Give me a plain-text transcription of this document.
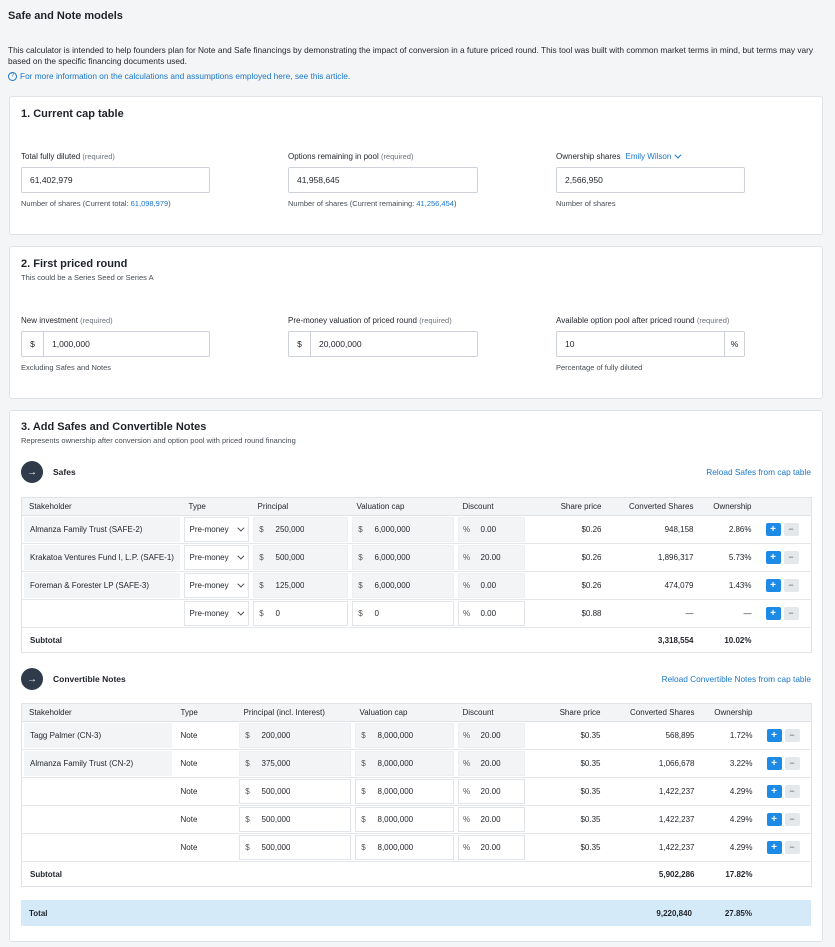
Safe and Note models
This calculator is intended to help founders plan for Note and Safe financings by demonstrating the impact of conversion in a future priced round. This tool was built with common market terms in mind, but terms may vary based on the specific financing documents used.
? For more information on the calculations and assumptions employed here, see this article.
1. Current cap table
Total fully diluted (required)
61,402,979
Number of shares (Current total: 61,098,979)
Options remaining in pool (required)
41,958,645
Number of shares (Current remaining: 41,256,454)
Ownership shares Emily Wilson
2,566,950
Number of shares
2. First priced round
This could be a Series Seed or Series A
New investment (required)
$	1,000,000
Excluding Safes and Notes
Pre-money valuation of priced round (required)
$	20,000,000
Available option pool after priced round (required)
10	%
Percentage of fully diluted
3. Add Safes and Convertible Notes
Represents ownership after conversion and option pool with priced round financing
→ Safes	Reload Safes from cap table
Stakeholder	Type	Principal	Valuation cap	Discount	Share price	Converted Shares	Ownership	

Almanza Family Trust (SAFE-2)	Pre-money	$ 250,000	$ 6,000,000	% 0.00	$0.26	948,158	2.86%	+ −

Krakatoa Ventures Fund I, L.P. (SAFE-1)	Pre-money	$ 500,000	$ 6,000,000	% 20.00	$0.26	1,896,317	5.73%	+ −

Foreman & Forester LP (SAFE-3)	Pre-money	$ 125,000	$ 6,000,000	% 0.00	$0.26	474,079	1.43%	+ −

	Pre-money	$ 0	$ 0	% 0.00	$0.88	—	—	+ −
Subtotal						3,318,554	10.02%	
→ Convertible Notes	Reload Convertible Notes from cap table
Stakeholder	Type	Principal (incl. Interest)	Valuation cap	Discount	Share price	Converted Shares	Ownership	

Tagg Palmer (CN-3)	Note	$ 200,000	$ 8,000,000	% 20.00	$0.35	568,895	1.72%	+ −

Almanza Family Trust (CN-2)	Note	$ 375,000	$ 8,000,000	% 20.00	$0.35	1,066,678	3.22%	+ −

	Note	$ 500,000	$ 8,000,000	% 20.00	$0.35	1,422,237	4.29%	+ −

	Note	$ 500,000	$ 8,000,000	% 20.00	$0.35	1,422,237	4.29%	+ −

	Note	$ 500,000	$ 8,000,000	% 20.00	$0.35	1,422,237	4.29%	+ −
Subtotal						5,902,286	17.82%	
Total	9,220,840	27.85%
